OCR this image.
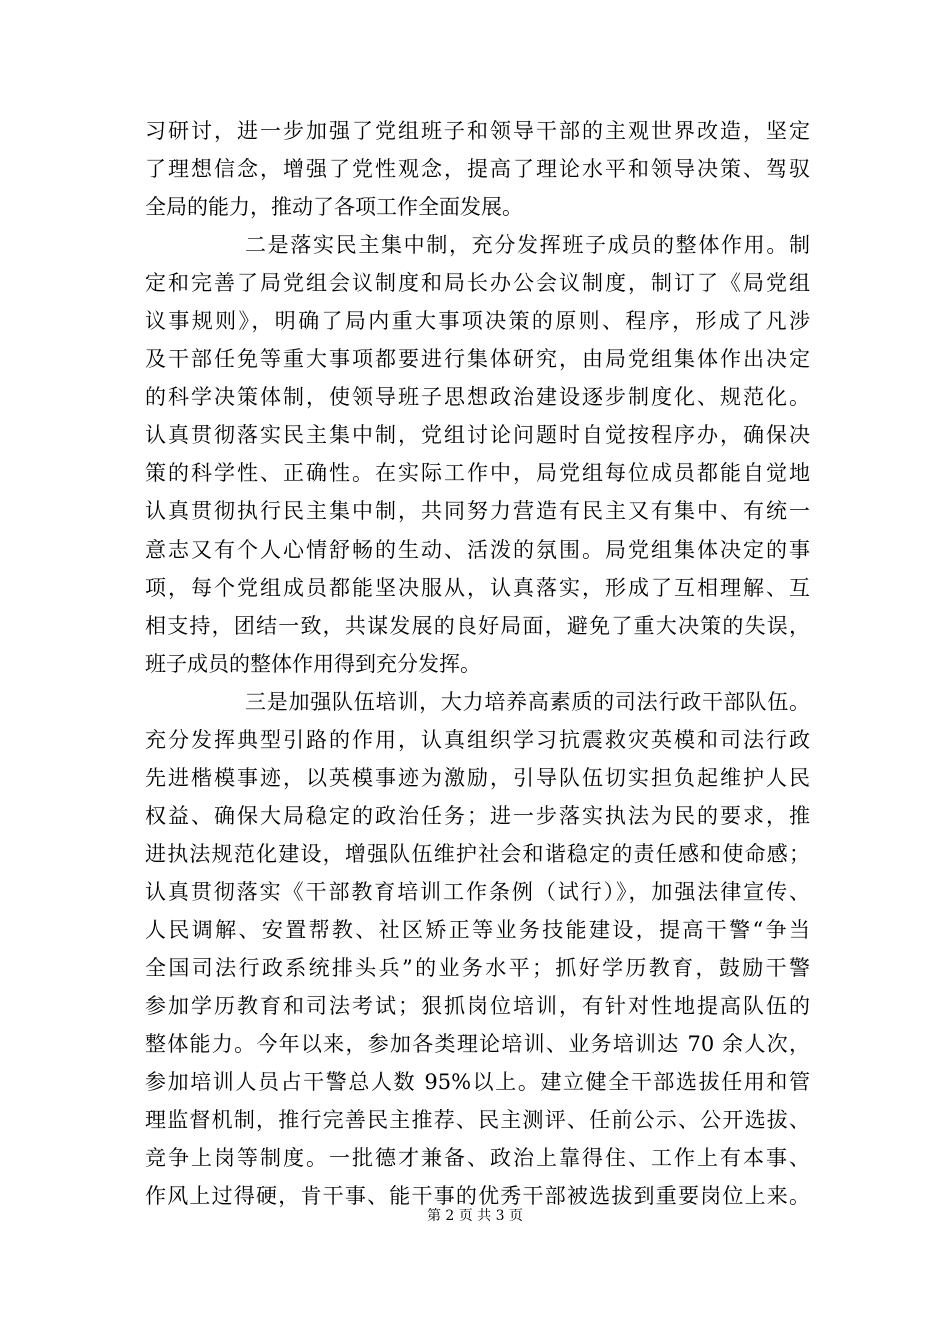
习研讨，进一步加强了党组班子和领导干部的主观世界改造，坚定
了理想信念，增强了党性观念，提高了理论水平和领导决策、驾驭
全局的能力，推动了各项工作全面发展。
二是落实民主集中制，充分发挥班子成员的整体作用。制
定和完善了局党组会议制度和局长办公会议制度，制订了《局党组
议事规则》，明确了局内重大事项决策的原则、程序，形成了凡涉
及干部任免等重大事项都要进行集体研究，由局党组集体作出决定
的科学决策体制，使领导班子思想政治建设逐步制度化、规范化。
认真贯彻落实民主集中制，党组讨论问题时自觉按程序办，确保决
策的科学性、正确性。在实际工作中，局党组每位成员都能自觉地
认真贯彻执行民主集中制，共同努力营造有民主又有集中、有统一
意志又有个人心情舒畅的生动、活泼的氛围。局党组集体决定的事
项，每个党组成员都能坚决服从，认真落实，形成了互相理解、互
相支持，团结一致，共谋发展的良好局面，避免了重大决策的失误，
班子成员的整体作用得到充分发挥。
三是加强队伍培训，大力培养高素质的司法行政干部队伍。
充分发挥典型引路的作用，认真组织学习抗震救灾英模和司法行政
先进楷模事迹，以英模事迹为激励，引导队伍切实担负起维护人民
权益、确保大局稳定的政治任务；进一步落实执法为民的要求，推
进执法规范化建设，增强队伍维护社会和谐稳定的责任感和使命感；
认真贯彻落实《干部教育培训工作条例（试行）》，加强法律宣传、
人民调解、安置帮教、社区矫正等业务技能建设，提高干警“争当
全国司法行政系统排头兵”的业务水平；抓好学历教育，鼓励干警
参加学历教育和司法考试；狠抓岗位培训，有针对性地提高队伍的
整体能力。今年以来，参加各类理论培训、业务培训达 70 余人次，
参加培训人员占干警总人数 95%以上。建立健全干部选拔任用和管
理监督机制，推行完善民主推荐、民主测评、任前公示、公开选拔、
竞争上岗等制度。一批德才兼备、政治上靠得住、工作上有本事、
作风上过得硬，肯干事、能干事的优秀干部被选拔到重要岗位上来。
第 2 页 共 3 页
